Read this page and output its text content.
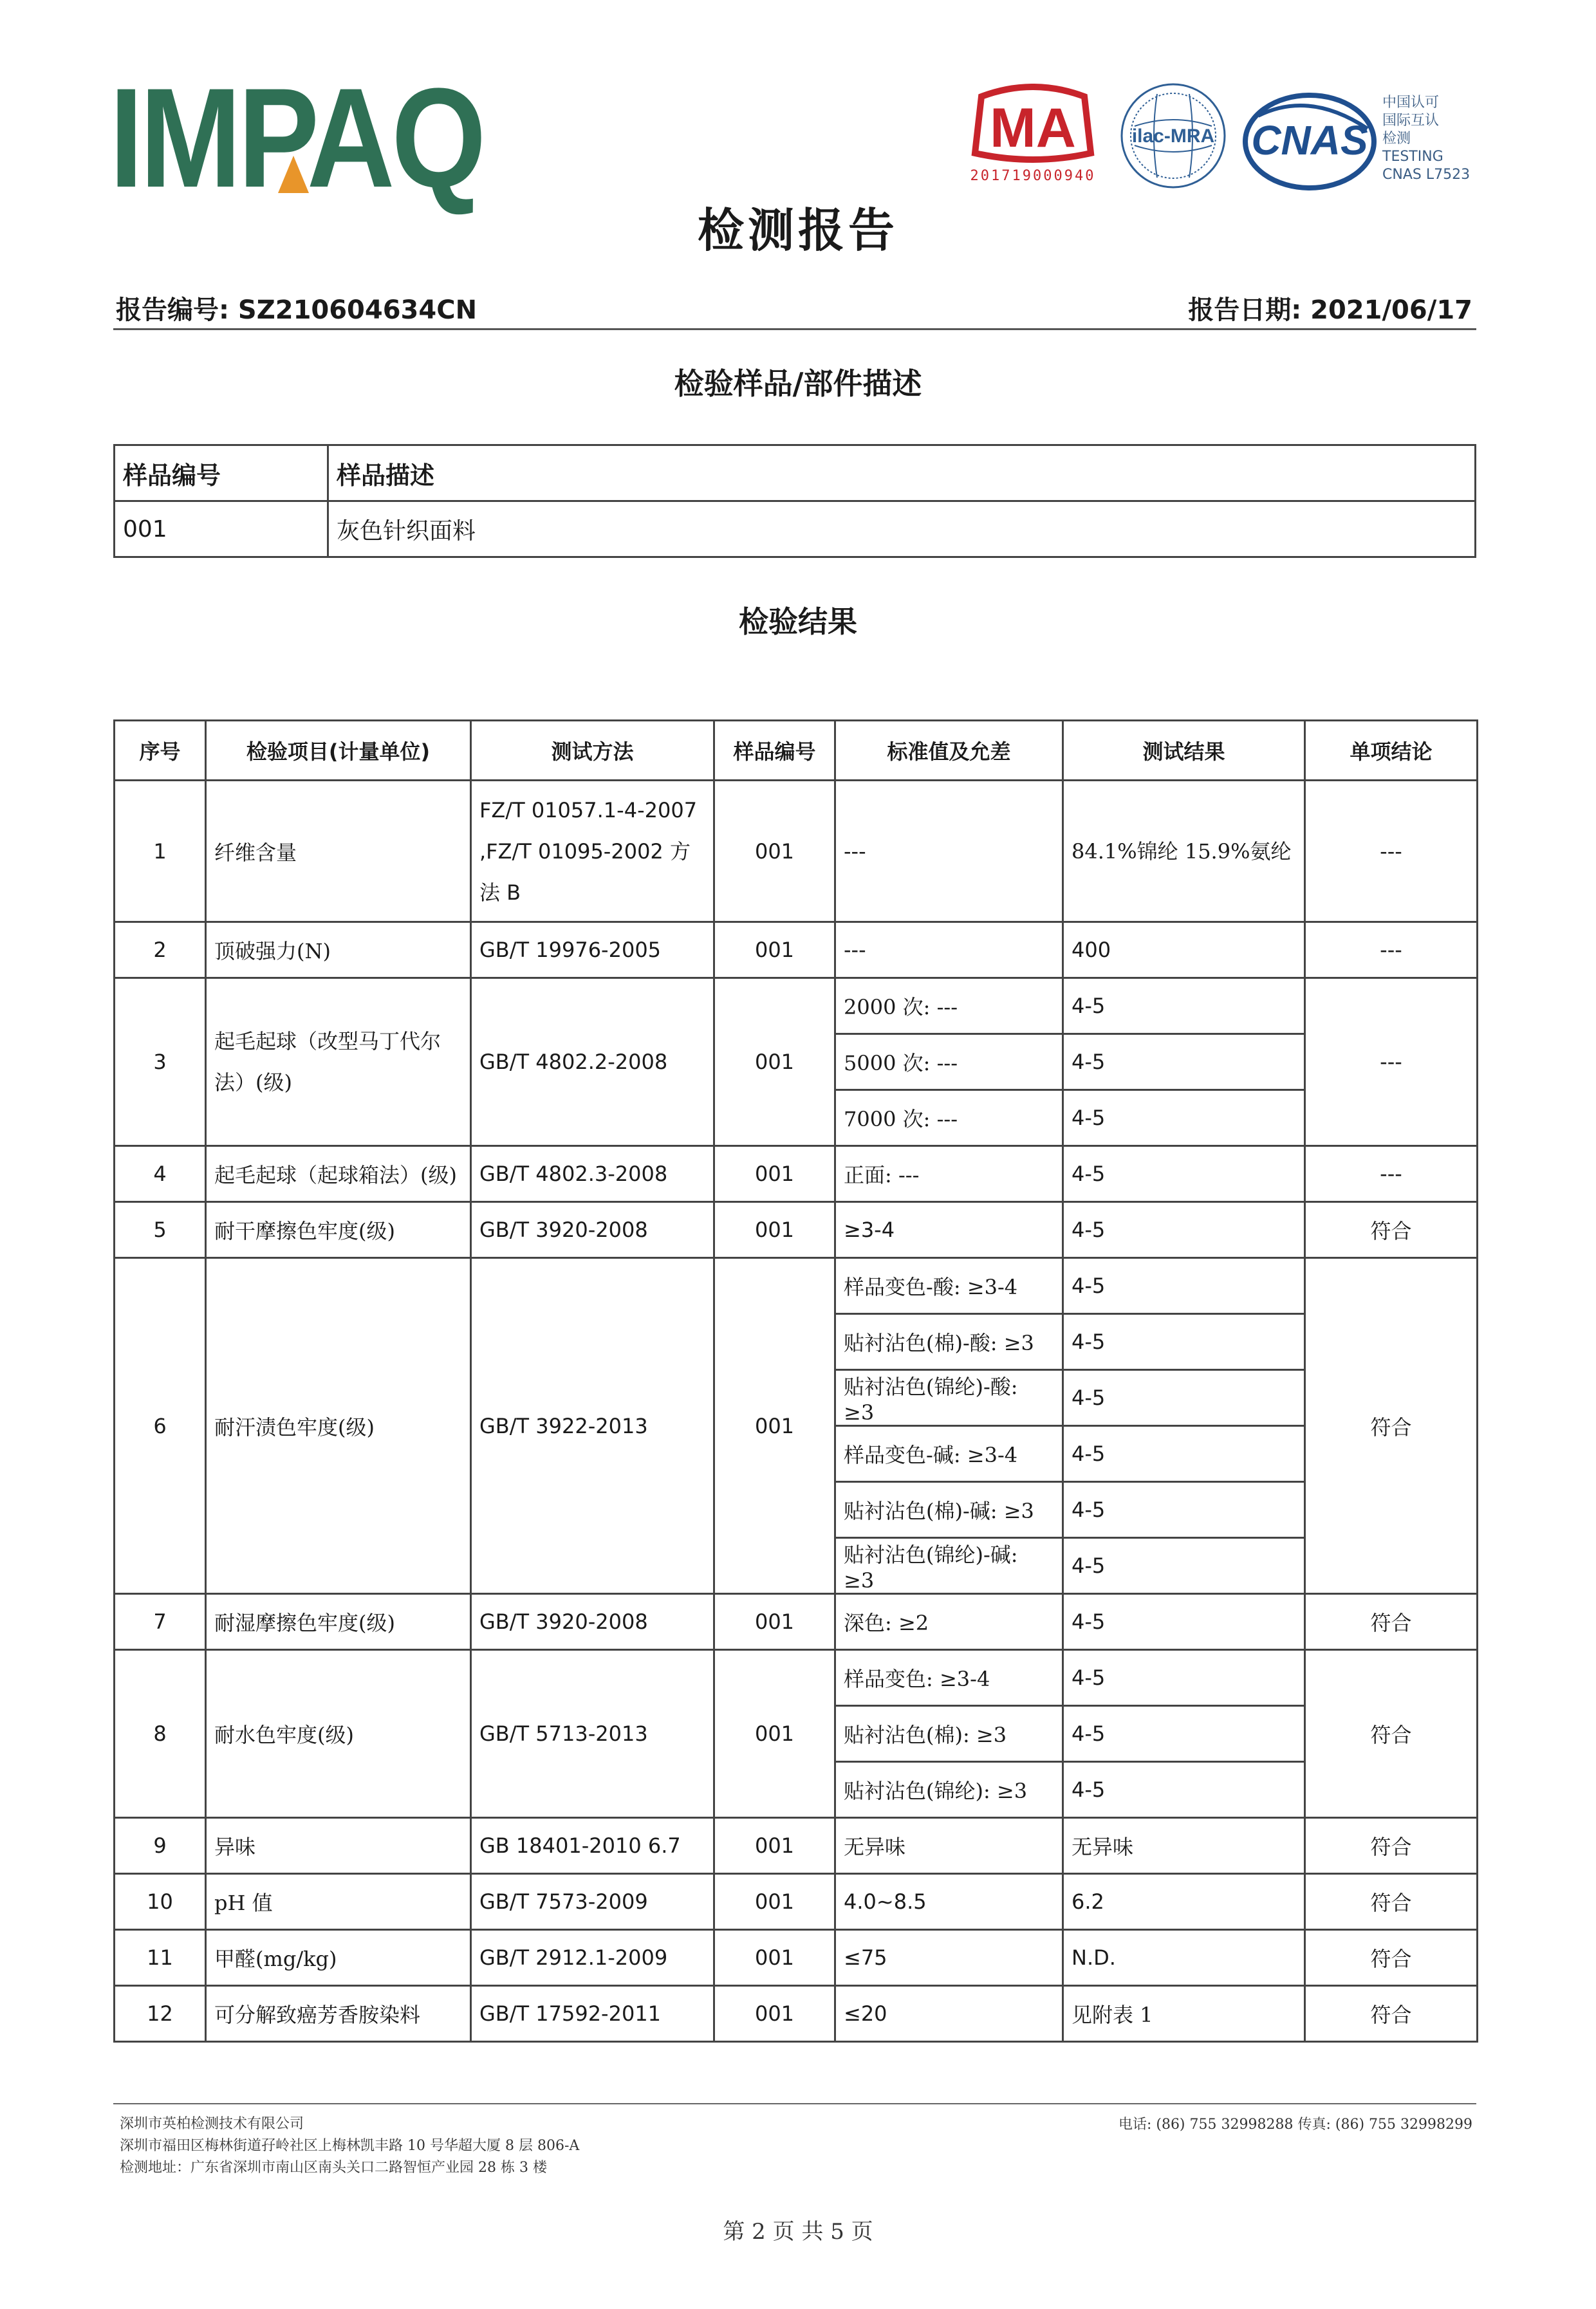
IMPAQ	MA
201719000940
ilac-MRA CNAS
中国认可
国际互认
检测
TESTING
CNAS L7523
检测报告
报告编号: SZ210604634CN	报告日期: 2021/06/17
检验样品/部件描述
样品编号	样品描述
001	灰色针织面料
检验结果
序号	检验项目(计量单位)	测试方法	样品编号	标准值及允差	测试结果	单项结论
1	纤维含量	FZ/T 01057.1-4-2007 ,FZ/T 01095-2002 方法 B	001	---	84.1%锦纶 15.9%氨纶	---
2	顶破强力(N)	GB/T 19976-2005	001	---	400	---
3	起毛起球（改型马丁代尔法）(级)	GB/T 4802.2-2008	001	2000 次: ---	4-5	---
				5000 次: ---	4-5	
				7000 次: ---	4-5	
4	起毛起球（起球箱法）(级)	GB/T 4802.3-2008	001	正面: ---	4-5	---
5	耐干摩擦色牢度(级)	GB/T 3920-2008	001	≥3-4	4-5	符合
6	耐汗渍色牢度(级)	GB/T 3922-2013	001	样品变色-酸: ≥3-4	4-5	符合
				贴衬沾色(棉)-酸: ≥3	4-5	
				贴衬沾色(锦纶)-酸: ≥3	4-5	
				样品变色-碱: ≥3-4	4-5	
				贴衬沾色(棉)-碱: ≥3	4-5	
				贴衬沾色(锦纶)-碱: ≥3	4-5	
7	耐湿摩擦色牢度(级)	GB/T 3920-2008	001	深色: ≥2	4-5	符合
8	耐水色牢度(级)	GB/T 5713-2013	001	样品变色: ≥3-4	4-5	符合
				贴衬沾色(棉): ≥3	4-5	
				贴衬沾色(锦纶): ≥3	4-5	
9	异味	GB 18401-2010 6.7	001	无异味	无异味	符合
10	pH 值	GB/T 7573-2009	001	4.0~8.5	6.2	符合
11	甲醛(mg/kg)	GB/T 2912.1-2009	001	≤75	N.D.	符合
12	可分解致癌芳香胺染料	GB/T 17592-2011	001	≤20	见附表 1	符合
深圳市英柏检测技术有限公司
深圳市福田区梅林街道孖岭社区上梅林凯丰路 10 号华超大厦 8 层 806-A
检测地址：广东省深圳市南山区南头关口二路智恒产业园 28 栋 3 楼
电话: (86) 755 32998288 传真: (86) 755 32998299
第 2 页 共 5 页
